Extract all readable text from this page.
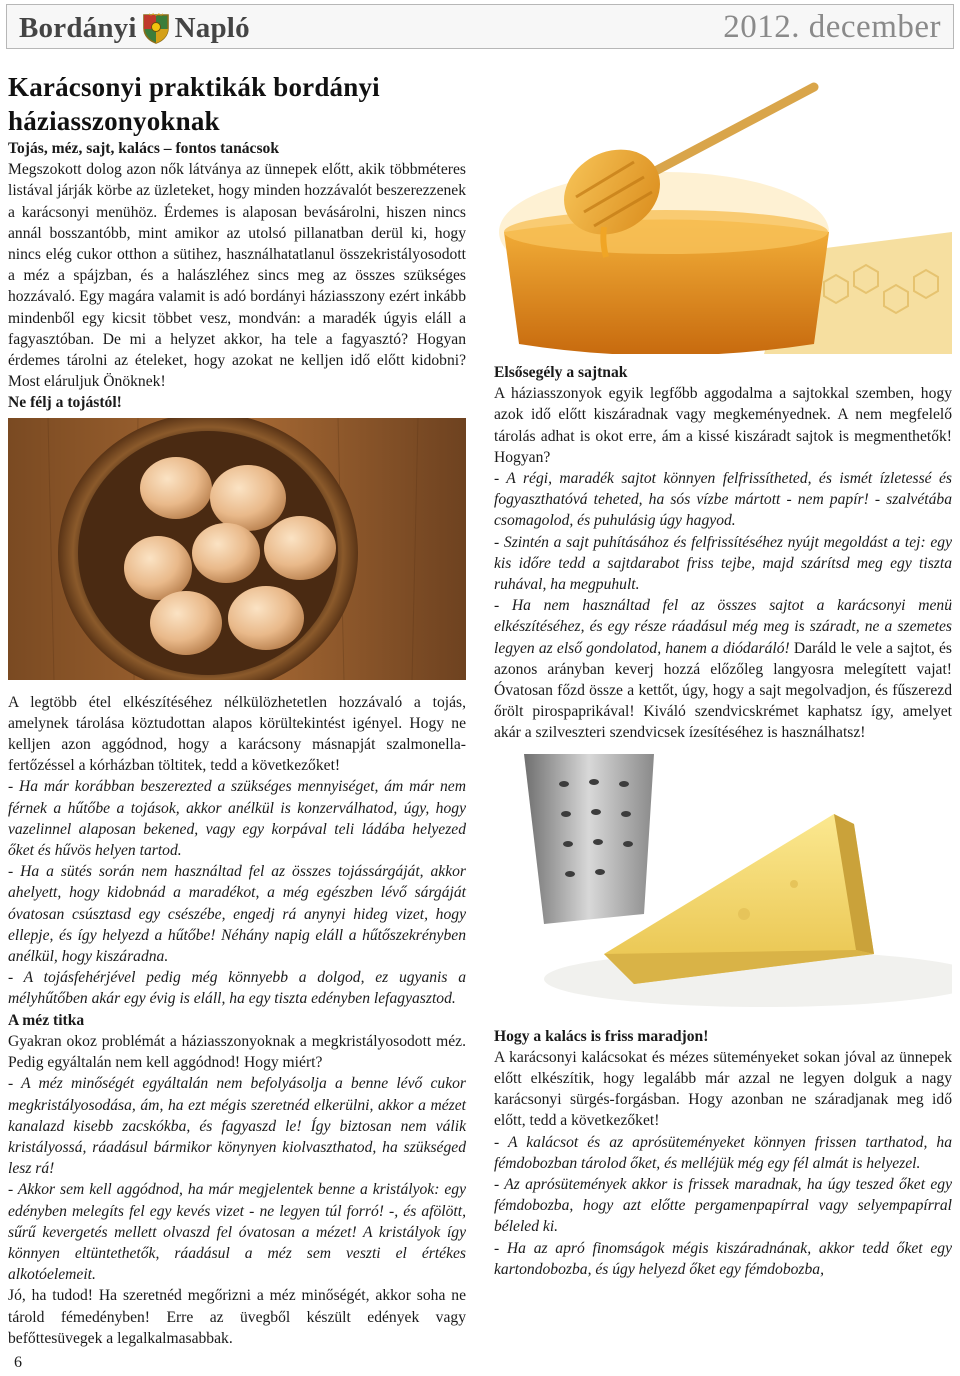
Bordányi Napló	2012. december
Karácsonyi praktikák bordányi háziasszonyoknak
Tojás, méz, sajt, kalács – fontos tanácsok
Megszokott dolog azon nők látványa az ünnepek előtt, akik többméteres listával járják körbe az üzleteket, hogy minden hozzávalót beszerezzenek a karácsonyi menühöz. Érdemes is alaposan bevásárolni, hiszen nincs annál bosszantóbb, mint amikor az utolsó pillanatban derül ki, hogy nincs elég cukor otthon a sütihez, használhatatlanul összekristályosodott a méz a spájzban, és a halászléhez sincs meg az összes szükséges hozzávaló. Egy magára valamit is adó bordányi háziasszony ezért inkább mindenből egy kicsit többet vesz, mondván: a maradék úgyis eláll a fagyasztóban. De mi a helyzet akkor, ha tele a fagyasztó? Hogyan érdemes tárolni az ételeket, hogy azokat ne kelljen idő előtt kidobni? Most eláruljuk Önöknek!
Ne félj a tojástól!
A legtöbb étel elkészítéséhez nélkülözhetetlen hozzávaló a tojás, amelynek tárolása köztudottan alapos körültekintést igényel. Hogy ne kelljen azon aggódnod, hogy a karácsony másnapját szalmonella-fertőzéssel a kórházban töltitek, tedd a következőket!
- Ha már korábban beszerezted a szükséges mennyiséget, ám már nem férnek a hűtőbe a tojások, akkor anélkül is konzerválhatod, úgy, hogy vazelinnel alaposan bekened, vagy egy korpával teli ládába helyezed őket és hűvös helyen tartod.
- Ha a sütés során nem használtad fel az összes tojássárgáját, akkor ahelyett, hogy kidobnád a maradékot, a még egészben lévő sárgáját óvatosan csúsztasd egy csészébe, engedj rá anynyi hideg vizet, hogy ellepje, és így helyezd a hűtőbe! Néhány napig eláll a hűtőszekrényben anélkül, hogy kiszáradna.
- A tojásfehérjével pedig még könnyebb a dolgod, ez ugyanis a mélyhűtőben akár egy évig is eláll, ha egy tiszta edényben lefagyasztod.
A méz titka
Gyakran okoz problémát a háziasszonyoknak a megkristályosodott méz. Pedig egyáltalán nem kell aggódnod! Hogy miért?
- A méz minőségét egyáltalán nem befolyásolja a benne lévő cukor megkristályosodása, ám, ha ezt mégis szeretnéd elkerülni, akkor a mézet kanalazd kisebb zacskókba, és fagyaszd le! Így biztosan nem válik kristályossá, ráadásul bármikor könynyen kiolvaszthatod, ha szükséged lesz rá!
- Akkor sem kell aggódnod, ha már megjelentek benne a kristályok: egy edényben melegíts fel egy kevés vizet - ne legyen túl forró! -, és afölött, sűrű kevergetés mellett olvaszd fel óvatosan a mézet! A kristályok így könnyen eltüntethetők, ráadásul a méz sem veszti el értékes alkotóelemeit.
Jó, ha tudod! Ha szeretnéd megőrizni a méz minőségét, akkor soha ne tárold fémedényben! Erre az üvegből készült edények vagy befőttesüvegek a legalkalmasabbak.
Elsősegély a sajtnak
A háziasszonyok egyik legfőbb aggodalma a sajtokkal szemben, hogy azok idő előtt kiszáradnak vagy megkeményednek. A nem megfelelő tárolás adhat is okot erre, ám a kissé kiszáradt sajtok is megmenthetők! Hogyan?
- A régi, maradék sajtot könnyen felfrissítheted, és ismét ízletessé és fogyaszthatóvá teheted, ha sós vízbe mártott - nem papír! - szalvétába csomagolod, és puhulásig úgy hagyod.
- Szintén a sajt puhításához és felfrissítéséhez nyújt megoldást a tej: egy kis időre tedd a sajtdarabot friss tejbe, majd szárítsd meg egy tiszta ruhával, ha megpuhult.
- Ha nem használtad fel az összes sajtot a karácsonyi menü elkészítéséhez, és egy része ráadásul még meg is száradt, ne a szemetes legyen az első gondolatod, hanem a diódaráló! Daráld le vele a sajtot, és azonos arányban keverj hozzá előzőleg langyosra melegített vajat! Óvatosan főzd össze a kettőt, úgy, hogy a sajt megolvadjon, és fűszerezd őrölt pirospaprikával! Kiváló szendvicskrémet kaphatsz így, amelyet akár a szilveszteri szendvicsek ízesítéséhez is használhatsz!
Hogy a kalács is friss maradjon!
A karácsonyi kalácsokat és mézes süteményeket sokan jóval az ünnepek előtt elkészítik, hogy legalább már azzal ne legyen dolguk a nagy karácsonyi sürgés-forgásban. Hogy azonban ne száradjanak meg idő előtt, tedd a következőket!
- A kalácsot és az aprósüteményeket könnyen frissen tarthatod, ha fémdobozban tárolod őket, és melléjük még egy fél almát is helyezel.
- Az aprósütemények akkor is frissek maradnak, ha úgy teszed őket egy fémdobozba, hogy azt előtte pergamenpapírral vagy selyempapírral béleled ki.
- Ha az apró finomságok mégis kiszáradnának, akkor tedd őket egy kartondobozba, és úgy helyezd őket egy fémdobozba,
6
